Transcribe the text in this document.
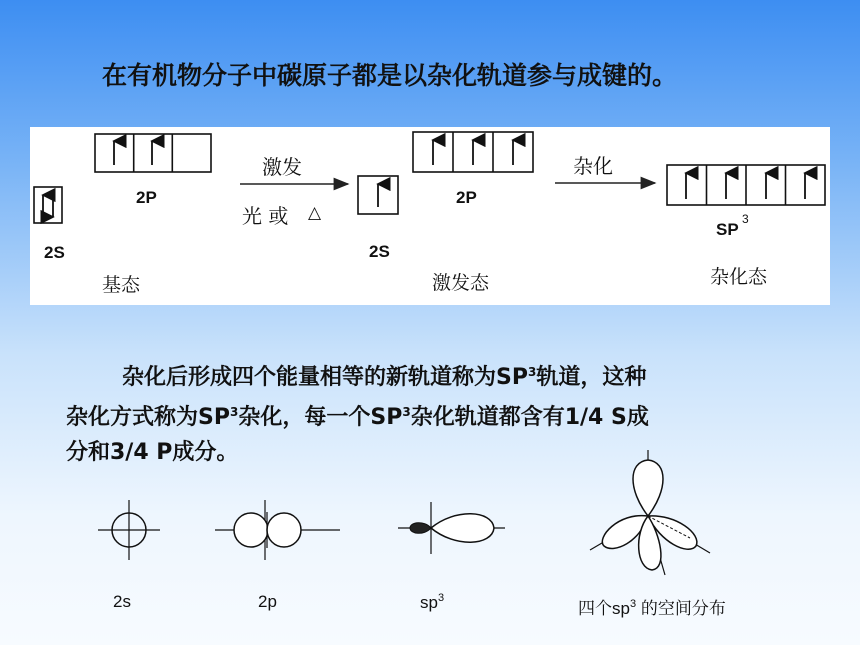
在有机物分子中碳原子都是以杂化轨道参与成键的。
2S
2P
基态
激发
光 或 △
2S
2P
激发态
杂化
SP
3
杂化态
杂化后形成四个能量相等的新轨道称为$SP^3$轨道，这种
杂化方式称为$SP^3$杂化，每一个$SP^3$杂化轨道都含有1/4 S成
分和3/4 P成分。
2s	2p	$sp^3$
四个$sp^3$ 的空间分布
